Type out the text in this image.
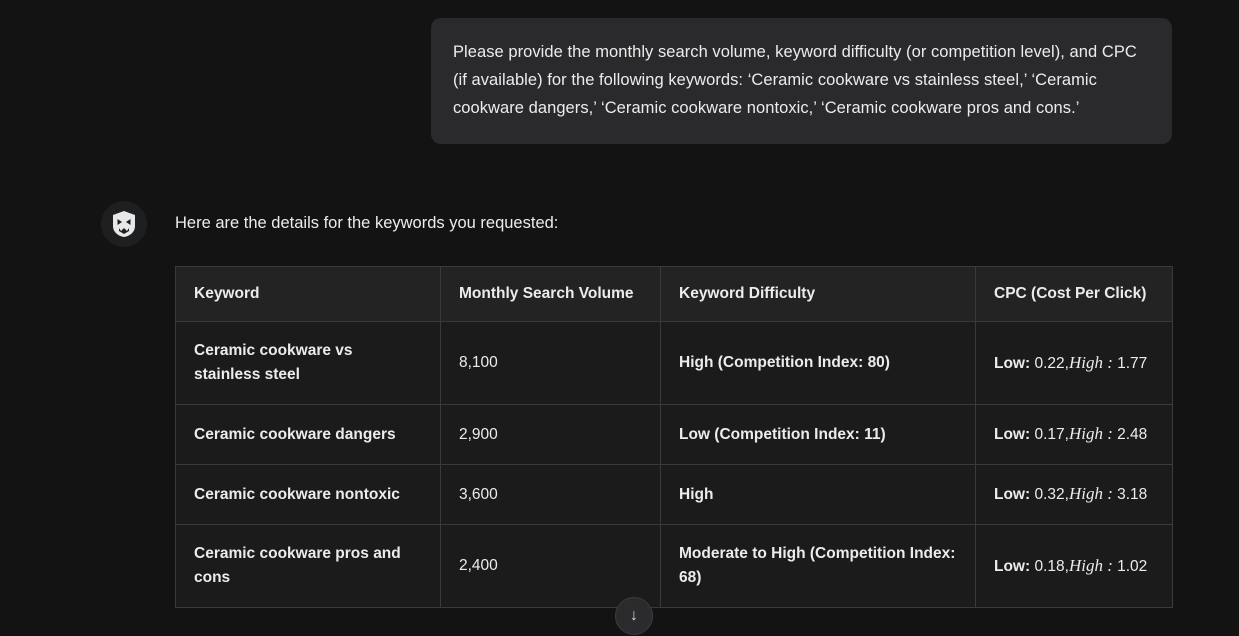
Please provide the monthly search volume, keyword difficulty (or competition level), and CPC (if available) for the following keywords: ‘Ceramic cookware vs stainless steel,’ ‘Ceramic cookware dangers,’ ‘Ceramic cookware nontoxic,’ ‘Ceramic cookware pros and cons.’

Here are the details for the keywords you requested:

Keyword	Monthly Search Volume	Keyword Difficulty	CPC (Cost Per Click)
Ceramic cookware vs stainless steel	8,100	High (Competition Index: 80)	Low: 0.22,High : 1.77
Ceramic cookware dangers	2,900	Low (Competition Index: 11)	Low: 0.17,High : 2.48
Ceramic cookware nontoxic	3,600	High	Low: 0.32,High : 3.18
Ceramic cookware pros and cons	2,400	Moderate to High (Competition Index: 68)	Low: 0.18,High : 1.02
↓
